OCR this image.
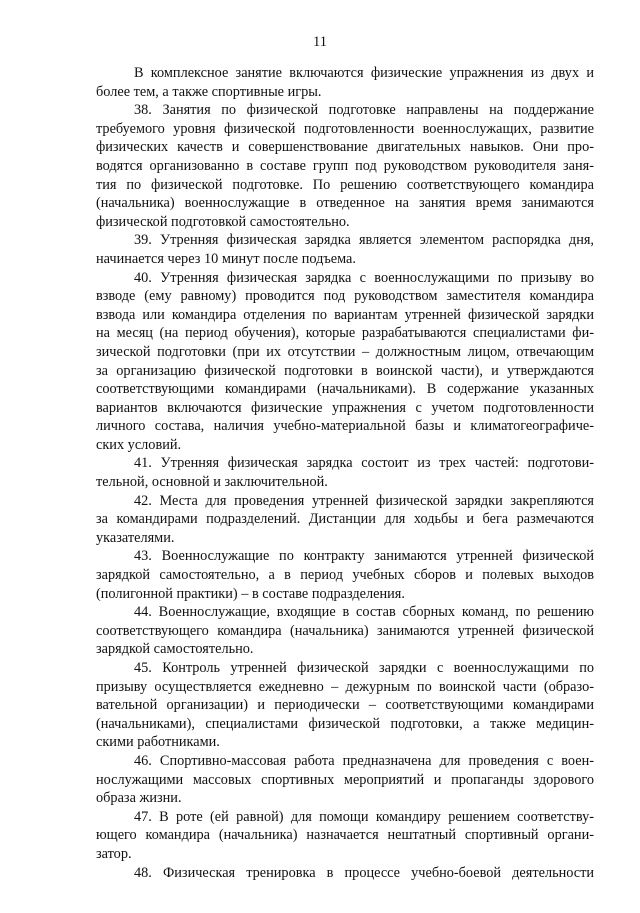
11
В комплексное занятие включаются физические упражнения из двух и
более тем, а также спортивные игры.
38. Занятия по физической подготовке направлены на поддержание
требуемого уровня физической подготовленности военнослужащих, развитие
физических качеств и совершенствование двигательных навыков. Они про-
водятся организованно в составе групп под руководством руководителя заня-
тия по физической подготовке. По решению соответствующего командира
(начальника) военнослужащие в отведенное на занятия время занимаются
физической подготовкой самостоятельно.
39. Утренняя физическая зарядка является элементом распорядка дня,
начинается через 10 минут после подъема.
40. Утренняя физическая зарядка с военнослужащими по призыву во
взводе (ему равному) проводится под руководством заместителя командира
взвода или командира отделения по вариантам утренней физической зарядки
на месяц (на период обучения), которые разрабатываются специалистами фи-
зической подготовки (при их отсутствии – должностным лицом, отвечающим
за организацию физической подготовки в воинской части), и утверждаются
соответствующими командирами (начальниками). В содержание указанных
вариантов включаются физические упражнения с учетом подготовленности
личного состава, наличия учебно-материальной базы и климатогеографиче-
ских условий.
41. Утренняя физическая зарядка состоит из трех частей: подготови-
тельной, основной и заключительной.
42. Места для проведения утренней физической зарядки закрепляются
за командирами подразделений. Дистанции для ходьбы и бега размечаются
указателями.
43. Военнослужащие по контракту занимаются утренней физической
зарядкой самостоятельно, а в период учебных сборов и полевых выходов
(полигонной практики) – в составе подразделения.
44. Военнослужащие, входящие в состав сборных команд, по решению
соответствующего командира (начальника) занимаются утренней физической
зарядкой самостоятельно.
45. Контроль утренней физической зарядки с военнослужащими по
призыву осуществляется ежедневно – дежурным по воинской части (образо-
вательной организации) и периодически – соответствующими командирами
(начальниками), специалистами физической подготовки, а также медицин-
скими работниками.
46. Спортивно-массовая работа предназначена для проведения с воен-
нослужащими массовых спортивных мероприятий и пропаганды здорового
образа жизни.
47. В роте (ей равной) для помощи командиру решением соответству-
ющего командира (начальника) назначается нештатный спортивный органи-
затор.
48. Физическая тренировка в процессе учебно-боевой деятельности
